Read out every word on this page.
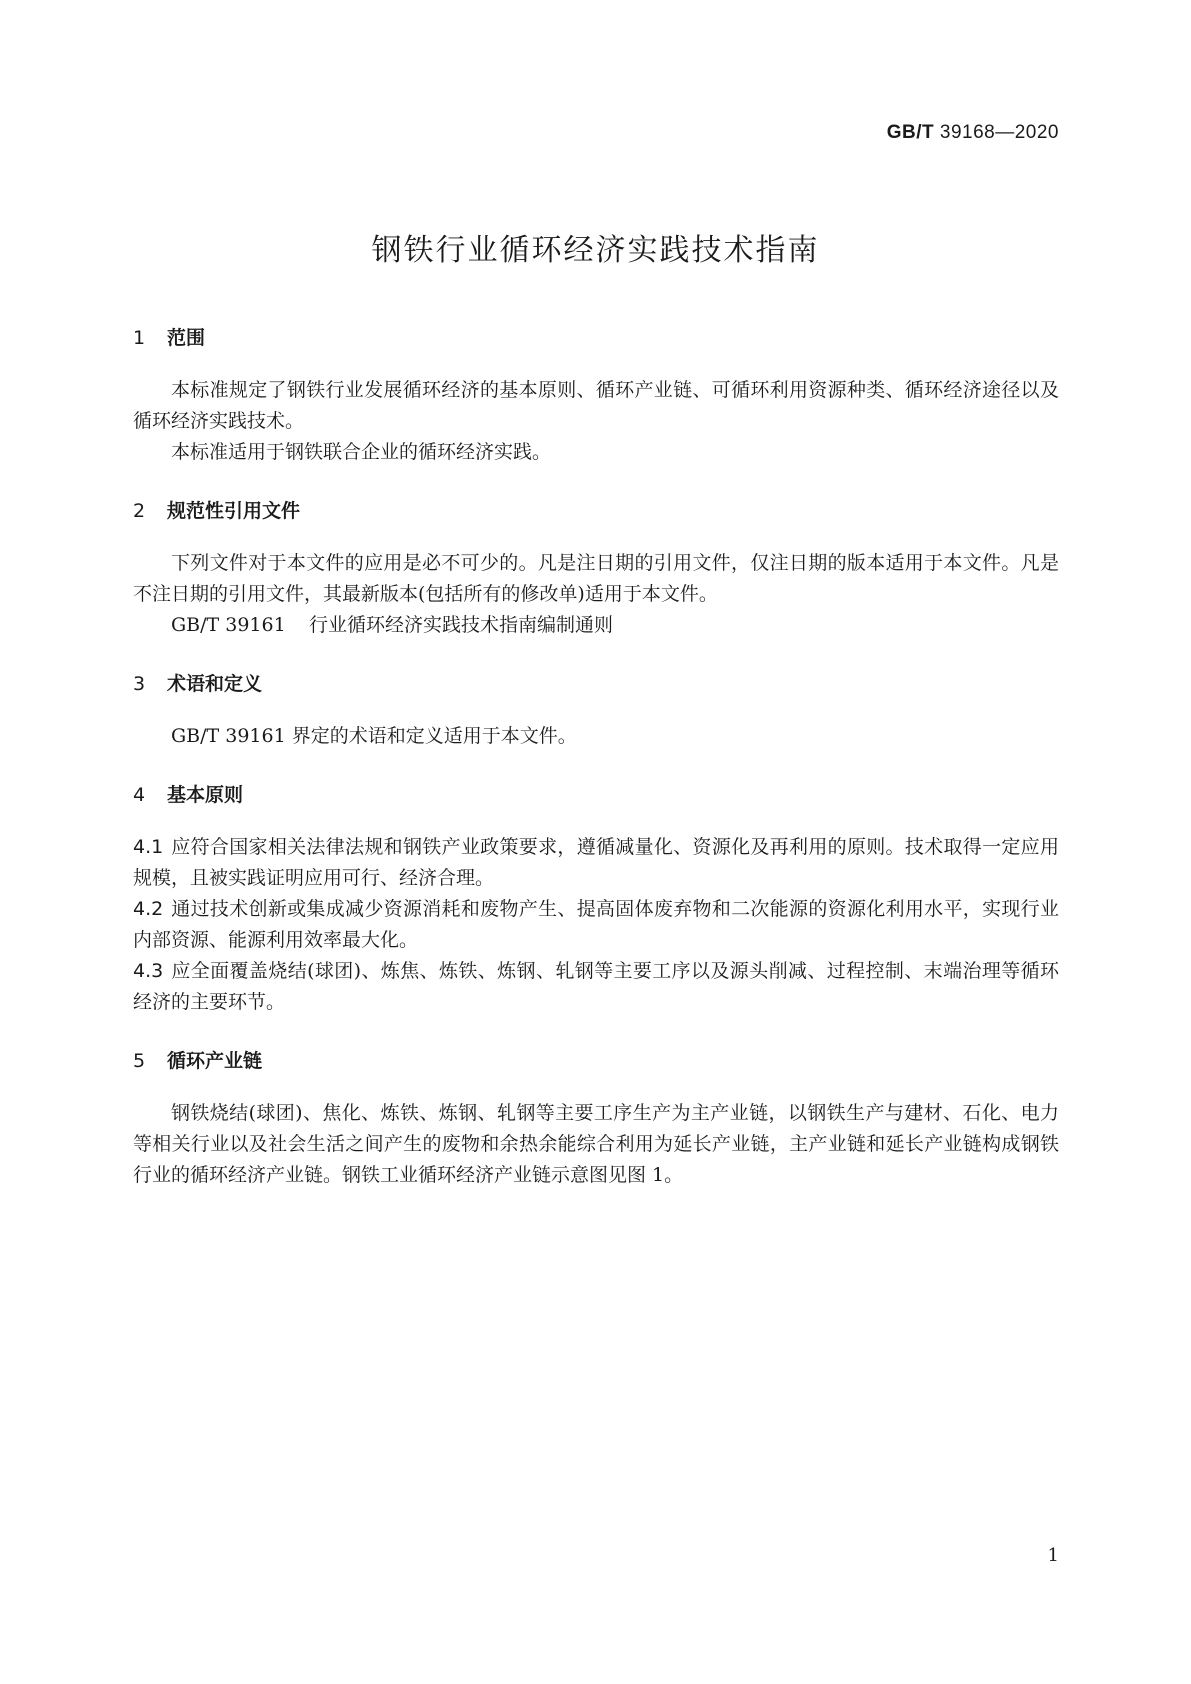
GB/T 39168—2020
钢铁行业循环经济实践技术指南
1 范围
本标准规定了钢铁行业发展循环经济的基本原则、循环产业链、可循环利用资源种类、循环经济途径以及循环经济实践技术。
本标准适用于钢铁联合企业的循环经济实践。
2 规范性引用文件
下列文件对于本文件的应用是必不可少的。凡是注日期的引用文件，仅注日期的版本适用于本文件。凡是不注日期的引用文件，其最新版本(包括所有的修改单)适用于本文件。
GB/T 39161 行业循环经济实践技术指南编制通则
3 术语和定义
GB/T 39161 界定的术语和定义适用于本文件。
4 基本原则
4.1 应符合国家相关法律法规和钢铁产业政策要求，遵循减量化、资源化及再利用的原则。技术取得一定应用规模，且被实践证明应用可行、经济合理。
4.2 通过技术创新或集成减少资源消耗和废物产生、提高固体废弃物和二次能源的资源化利用水平，实现行业内部资源、能源利用效率最大化。
4.3 应全面覆盖烧结(球团)、炼焦、炼铁、炼钢、轧钢等主要工序以及源头削减、过程控制、末端治理等循环经济的主要环节。
5 循环产业链
钢铁烧结(球团)、焦化、炼铁、炼钢、轧钢等主要工序生产为主产业链，以钢铁生产与建材、石化、电力等相关行业以及社会生活之间产生的废物和余热余能综合利用为延长产业链，主产业链和延长产业链构成钢铁行业的循环经济产业链。钢铁工业循环经济产业链示意图见图 1。
1
